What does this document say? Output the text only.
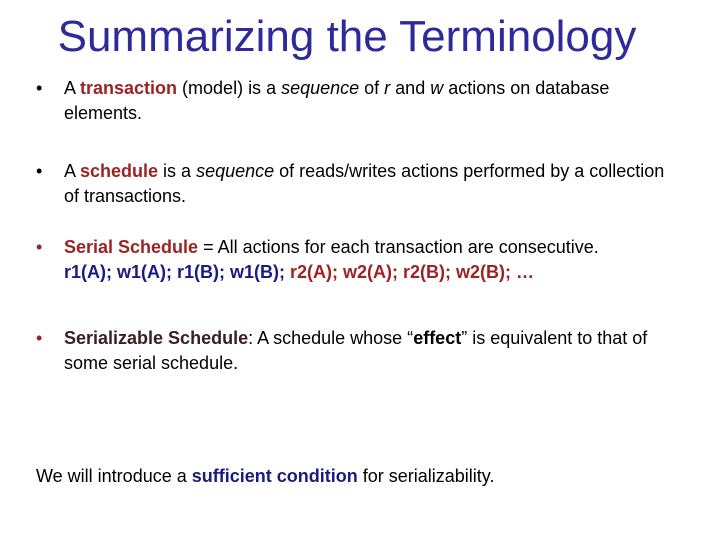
Summarizing the Terminology
• A transaction (model) is a sequence of r and w actions on database elements.
• A schedule is a sequence of reads/writes actions performed by a collection of transactions.
• Serial Schedule = All actions for each transaction are consecutive.
r1(A); w1(A); r1(B); w1(B); r2(A); w2(A); r2(B); w2(B); …
• Serializable Schedule: A schedule whose “effect” is equivalent to that of some serial schedule.
We will introduce a sufficient condition for serializability.
